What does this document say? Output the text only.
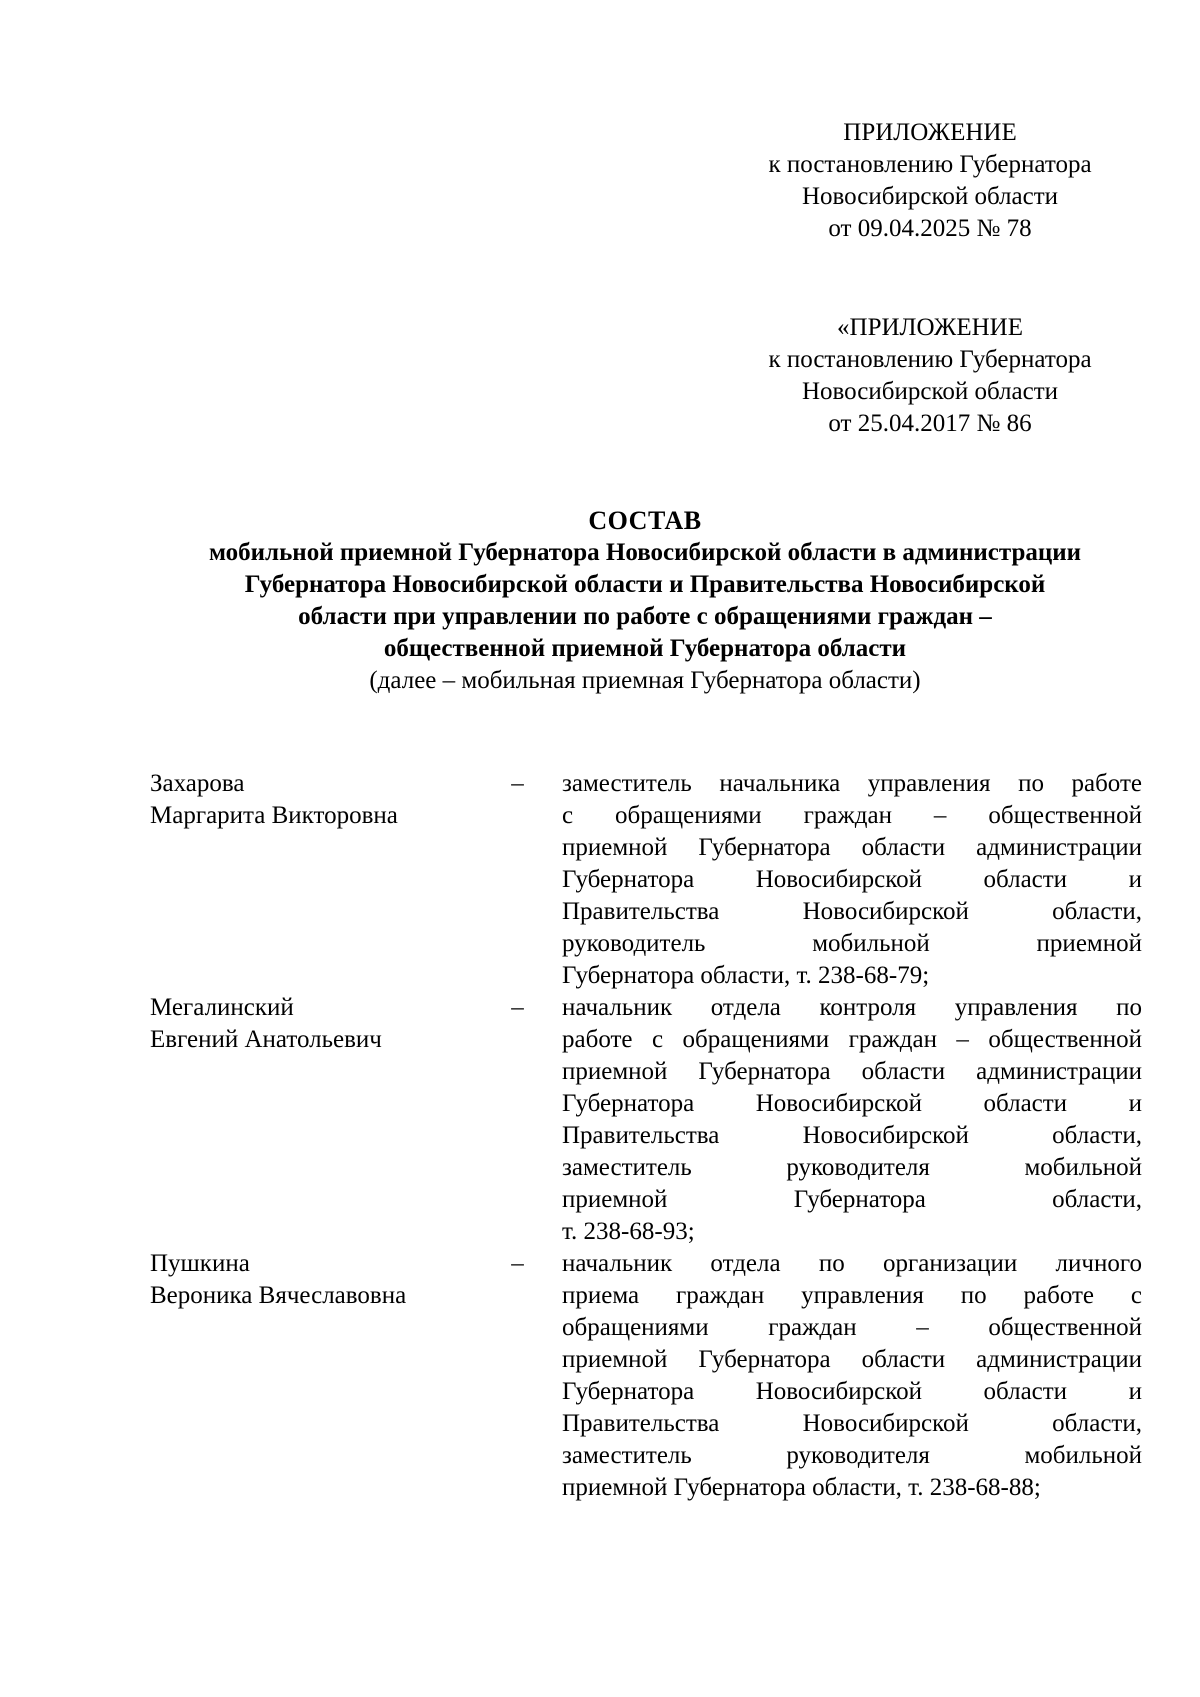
ПРИЛОЖЕНИЕ
к постановлению Губернатора
Новосибирской области
от 09.04.2025 № 78
«ПРИЛОЖЕНИЕ
к постановлению Губернатора
Новосибирской области
от 25.04.2017 № 86
СОСТАВ
мобильной приемной Губернатора Новосибирской области в администрации
Губернатора Новосибирской области и Правительства Новосибирской
области при управлении по работе с обращениями граждан –
общественной приемной Губернатора области
(далее – мобильная приемная Губернатора области)
Захарова
Маргарита Викторовна
– заместитель начальника управления по работе
с обращениями граждан – общественной
приемной Губернатора области администрации
Губернатора Новосибирской области и
Правительства Новосибирской области,
руководитель мобильной приемной
Губернатора области, т. 238-68-79;
Мегалинский
Евгений Анатольевич
– начальник отдела контроля управления по
работе с обращениями граждан – общественной
приемной Губернатора области администрации
Губернатора Новосибирской области и
Правительства Новосибирской области,
заместитель руководителя мобильной
приемной Губернатора области,
т. 238-68-93;
Пушкина
Вероника Вячеславовна
– начальник отдела по организации личного
приема граждан управления по работе с
обращениями граждан – общественной
приемной Губернатора области администрации
Губернатора Новосибирской области и
Правительства Новосибирской области,
заместитель руководителя мобильной
приемной Губернатора области, т. 238-68-88;
